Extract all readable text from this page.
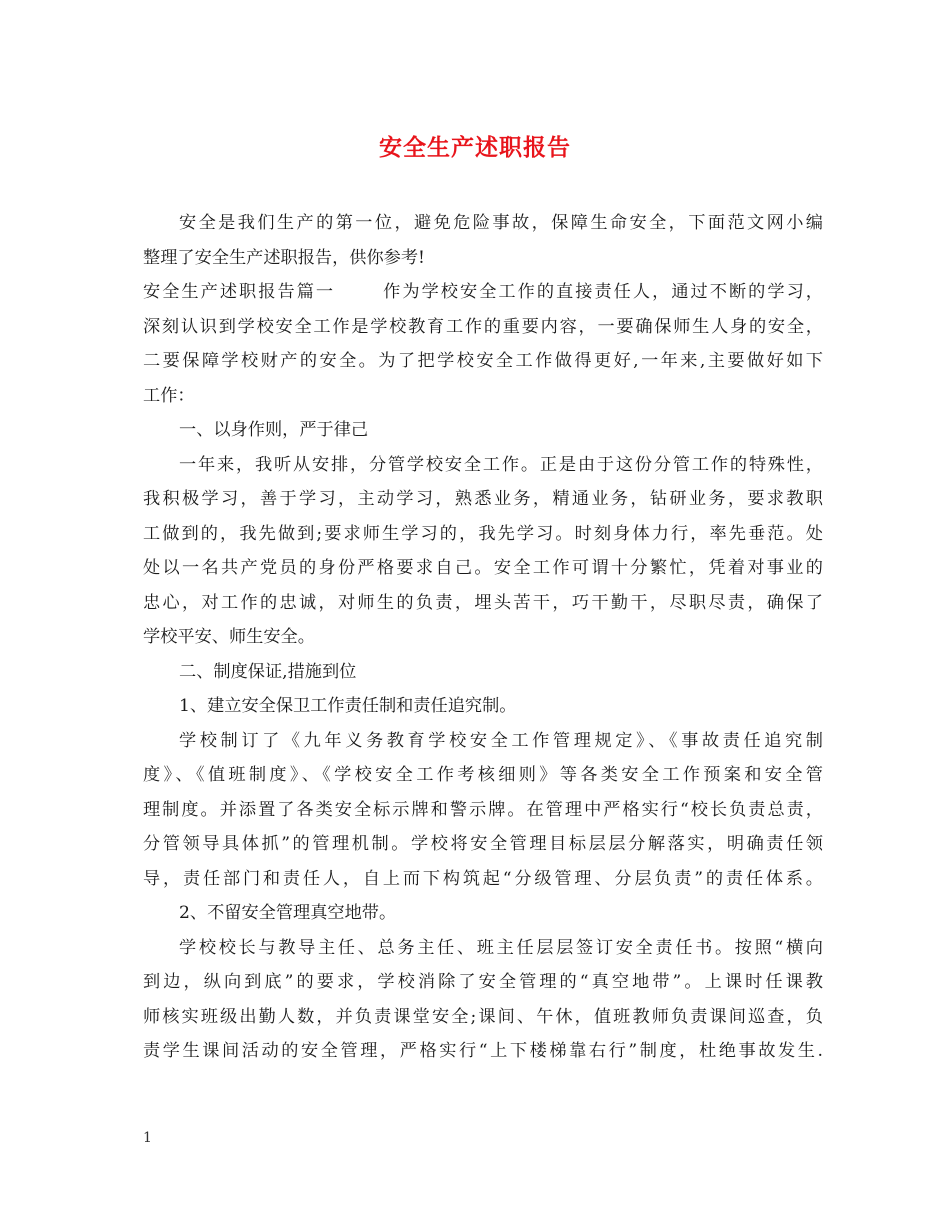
安全生产述职报告
安全是我们生产的第一位，避免危险事故，保障生命安全，下面范文网小编
整理了安全生产述职报告，供你参考!
安全生产述职报告篇一	作为学校安全工作的直接责任人，通过不断的学习，
深刻认识到学校安全工作是学校教育工作的重要内容，一要确保师生人身的安全，
二要保障学校财产的安全。为了把学校安全工作做得更好,一年来,主要做好如下
工作：
一、以身作则，严于律己
一年来，我听从安排，分管学校安全工作。正是由于这份分管工作的特殊性，
我积极学习，善于学习，主动学习，熟悉业务，精通业务，钻研业务，要求教职
工做到的，我先做到;要求师生学习的，我先学习。时刻身体力行，率先垂范。处
处以一名共产党员的身份严格要求自己。安全工作可谓十分繁忙，凭着对事业的
忠心，对工作的忠诚，对师生的负责，埋头苦干，巧干勤干，尽职尽责，确保了
学校平安、师生安全。
二、制度保证,措施到位
1、建立安全保卫工作责任制和责任追究制。
学校制订了《九年义务教育学校安全工作管理规定》、《事故责任追究制
度》、《值班制度》、《学校安全工作考核细则》等各类安全工作预案和安全管
理制度。并添置了各类安全标示牌和警示牌。在管理中严格实行“校长负责总责，
分管领导具体抓”的管理机制。学校将安全管理目标层层分解落实，明确责任领
导，责任部门和责任人，自上而下构筑起“分级管理、分层负责”的责任体系。
2、不留安全管理真空地带。
学校校长与教导主任、总务主任、班主任层层签订安全责任书。按照“横向
到边，纵向到底”的要求，学校消除了安全管理的“真空地带”。上课时任课教
师核实班级出勤人数，并负责课堂安全;课间、午休，值班教师负责课间巡查，负
责学生课间活动的安全管理，严格实行“上下楼梯靠右行”制度，杜绝事故发生.
1
